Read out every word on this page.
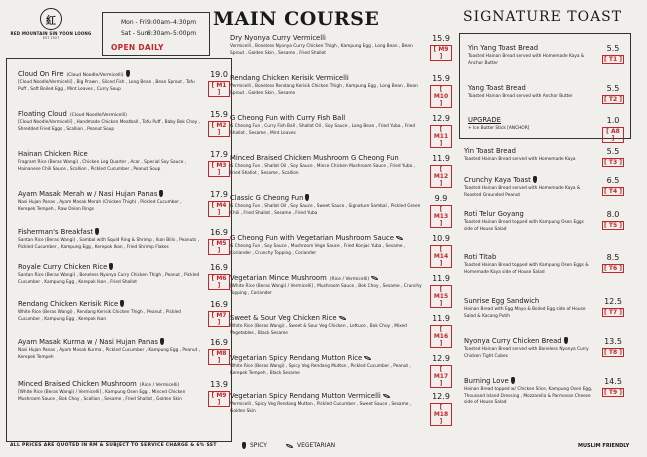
紅
RED MOUNTAIN SIN YOON LOONG
EST 1927
Mon - Fri9:00am–4:30pm
Sat - Sun8:30am–5:00pm
OPEN DAILY
MAIN COURSE	SIGNATURE TOAST
Cloud On Fire (Cloud Noodle/Vermicelli)
[Cloud Noodle/Vermicelli] , Big Prawn , Sliced Fish , Long Bean , Bean Sprout , Tofu Puff , Soft Boiled Egg , Mint Leaves , Curry Soup
19.0
[ M1 ]
Floating Cloud (Cloud Noodle/Vermicelli)
[Cloud Noodle/Vermicelli] , Handmade Chicken Meatball , Tofu Puff , Baby Bok Choy , Shredded Fried Eggs , Scallion , Peanut Soup
15.9
[ M2 ]
Hainan Chicken Rice
Fragrant Rice (Beras Wangi) , Chicken Leg Quarter , Acar , Special Soy Sauce , Hainanese Chili Sauce , Scallion , Pickled Cucumber , Peanut Soup
17.9
[ M3 ]
Ayam Masak Merah w / Nasi Hujan Panas
Nasi Hujan Panas , Ayam Masak Merah (Chicken Thigh) , Pickled Cucumber , Kerepek Tempeh , Raw Onion Rings
17.9
[ M4 ]
Fisherman's Breakfast
Santan Rice (Beras Wangi) , Sambal with Squid Ring & Shrimp , Ikan Bilis , Peanuts , Pickled Cucumber , Kampung Egg , Kerepok Ikan , Fried Shrimp Flakes
16.9
[ M5 ]
Royale Curry Chicken Rice
Santan Rice (Beras Wangi) , Boneless Nyonya Curry Chicken Thigh , Peanut , Pickled Cucumber , Kampung Egg , Kerepok Ikan , Fried Shallot
16.9
[ M6 ]
Rendang Chicken Kerisik Rice
White Rice (Beras Wangi) , Rendang Kerisik Chicken Thigh , Peanut , Pickled Cucumber , Kampung Egg , Kerepok Ikan
16.9
[ M7 ]
Ayam Masak Kurma w / Nasi Hujan Panas
Nasi Hujan Panas , Ayam Masak Kurma , Pickled Cucumber , Kampung Egg , Peanut , Kerepek Tempeh
16.9
[ M8 ]
Minced Braised Chicken Mushroom (Rice / Vermicelli)
[White Rice (Beras Wangi) / Vermicelli] , Kampung Osen Egg , Minced Chicken Mushroom Sauce , Bok Choy , Scallion , Sesame , Fried Shallot , Golden Skin
13.9
[ M9 ]
Dry Nyonya Curry Vermicelli
Vermicelli , Boneless Nyonya Curry Chicken Thigh , Kampung Egg , Long Bean , Bean Sprout , Golden Skin , Sesame , Fried Shallot
15.9
[ M9 ]
Rendang Chicken Kerisik Vermicelli
Vermicelli , Boneless Rendang Kerisik Chicken Thigh , Kampung Egg , Long Bean , Bean Sprout , Golden Skin , Sesame
15.9
[ M10 ]
G Cheong Fun with Curry Fish Ball
G Cheong Fun , Curry Fish Ball , Shallot Oil , Soy Sauce , Long Bean , Fried Yuba , Fried Shallot , Sesame , Mint Leaves
12.9
[ M11 ]
Minced Braised Chicken Mushroom G Cheong Fun
G Cheong Fun , Shallot Oil , Soy Sauce , Mince Chicken Mushroom Sauce , Fried Yuba , Fried Shallot , Sesame , Scallion
11.9
[ M12 ]
Classic G Cheong Fun
G Cheong Fun , Shallot Oil , Soy Sauce , Sweet Sauce , Signature Sambal , Pickled Green Chili , Fried Shallot , Sesame , Fried Yuba
9.9
[ M13 ]
G Cheong Fun with Vegetarian Mushroom Sauce
G Cheong Fun , Soy Sauce , Mushroom Vege Sauce , Fried Konjac Yuba , Sesame , Coriander , Crunchy Topping , Coriander
10.9
[ M14 ]
Vegetarian Mince Mushroom (Rice / Vermicelli)
[White Rice (Beras Wangi) / Vermicelli] , Mushroom Sauce , Bok Choy , Sesame , Crunchy Topping , Coriander
11.9
[ M15 ]
Sweet & Sour Veg Chicken Rice
White Rice (Beras Wangi) , Sweet & Sour Veg Chicken , Lettuce , Bok Choy , Mixed Vegetables , Black Sesame
11.9
[ M16 ]
Vegetarian Spicy Rendang Mutton Rice
White Rice (Beras Wangi) , Spicy Veg Rendang Mutton , Pickled Cucumber , Peanut , Kerepek Tempeh , Black Sesame
12.9
[ M17 ]
Vegetarian Spicy Rendang Mutton Vermicelli
Vermicelli , Spicy Veg Rendang Mutton , Pickled Cucumber , Sweet Sauce , Sesame , Golden Skin
12.9
[ M18 ]
Yin Yang Toast Bread
Toasted Hainan Bread served with Homemade Kaya & Anchor Butter
5.5
[ T1 ]
Yang Toast Bread
Toasted Hainan Bread served with Anchor Butter
5.5
[ T2 ]
UPGRADE
+ Ice Butter Stick [ANCHOR]
1.0
[ A8 ]
Yin Toast Bread
Toasted Hainan Bread served with Homemade Kaya
5.5
[ T3 ]
Crunchy Kaya Toast
Toasted Hainan Bread served with Homemade Kaya & Roasted Grounded Peanut
6.5
[ T4 ]
Roti Telur Goyang
Toasted Hainan Bread topped with Kampung Osen Eggs side of House Salad
8.0
[ T5 ]
Roti Titab
Toasted Hainan Bread topped with Kampung Osen Eggs & Homemade Kaya side of House Salad
8.5
[ T6 ]
Sunrise Egg Sandwich
Hainan Bread with Egg Mayo & Boiled Egg side of House Salad & Kacang Putih
12.5
[ T7 ]
Nyonya Curry Chicken Bread
Toasted Hainan Bread served with Boneless Nyonya Curry Chicken Tight Cubes
13.5
[ T8 ]
Burning Love
Hainan Bread topped w/ Chicken Slice, Kampung Osen Egg, Thousand Island Dressing , Mozzarella & Parmesan Cheese side of House Salad
14.5
[ T9 ]
ALL PRICES ARE QUOTED IN RM & SUBJECT TO SERVICE CHARGE & 6% SST	SPICY	VEGETARIAN	MUSLIM FRIENDLY
